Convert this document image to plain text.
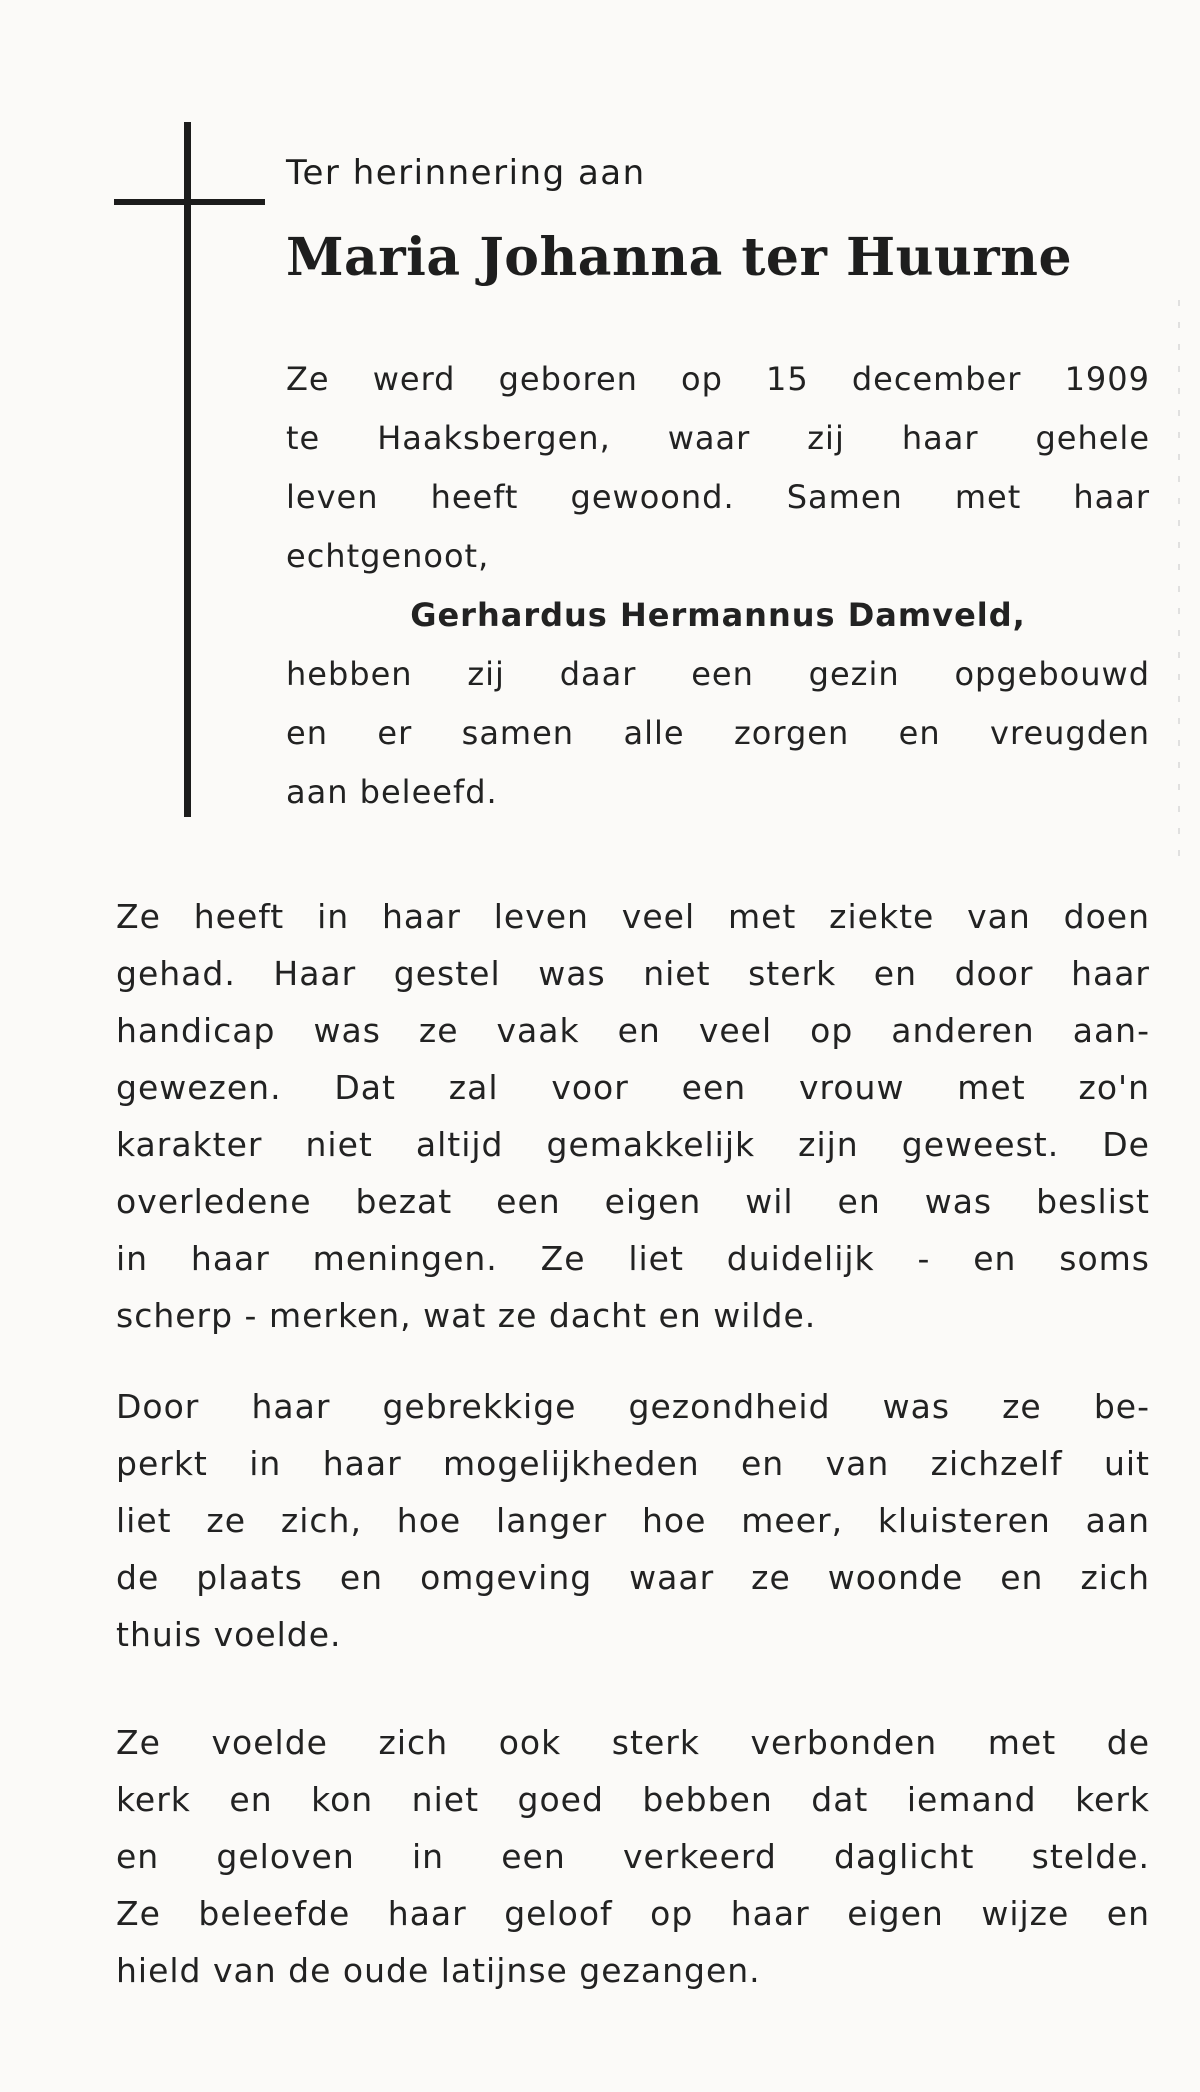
Ter herinnering aan

Maria Johanna ter Huurne

Ze werd geboren op 15 december 1909
te Haaksbergen, waar zij haar gehele
leven heeft gewoond. Samen met haar
echtgenoot,
Gerhardus Hermannus Damveld,
hebben zij daar een gezin opgebouwd
en er samen alle zorgen en vreugden
aan beleefd.
Ze heeft in haar leven veel met ziekte van doen
gehad. Haar gestel was niet sterk en door haar
handicap was ze vaak en veel op anderen aan-
gewezen. Dat zal voor een vrouw met zo'n
karakter niet altijd gemakkelijk zijn geweest. De
overledene bezat een eigen wil en was beslist
in haar meningen. Ze liet duidelijk - en soms
scherp - merken, wat ze dacht en wilde.
Door haar gebrekkige gezondheid was ze be-
perkt in haar mogelijkheden en van zichzelf uit
liet ze zich, hoe langer hoe meer, kluisteren aan
de plaats en omgeving waar ze woonde en zich
thuis voelde.
Ze voelde zich ook sterk verbonden met de
kerk en kon niet goed bebben dat iemand kerk
en geloven in een verkeerd daglicht stelde.
Ze beleefde haar geloof op haar eigen wijze en
hield van de oude latijnse gezangen.
